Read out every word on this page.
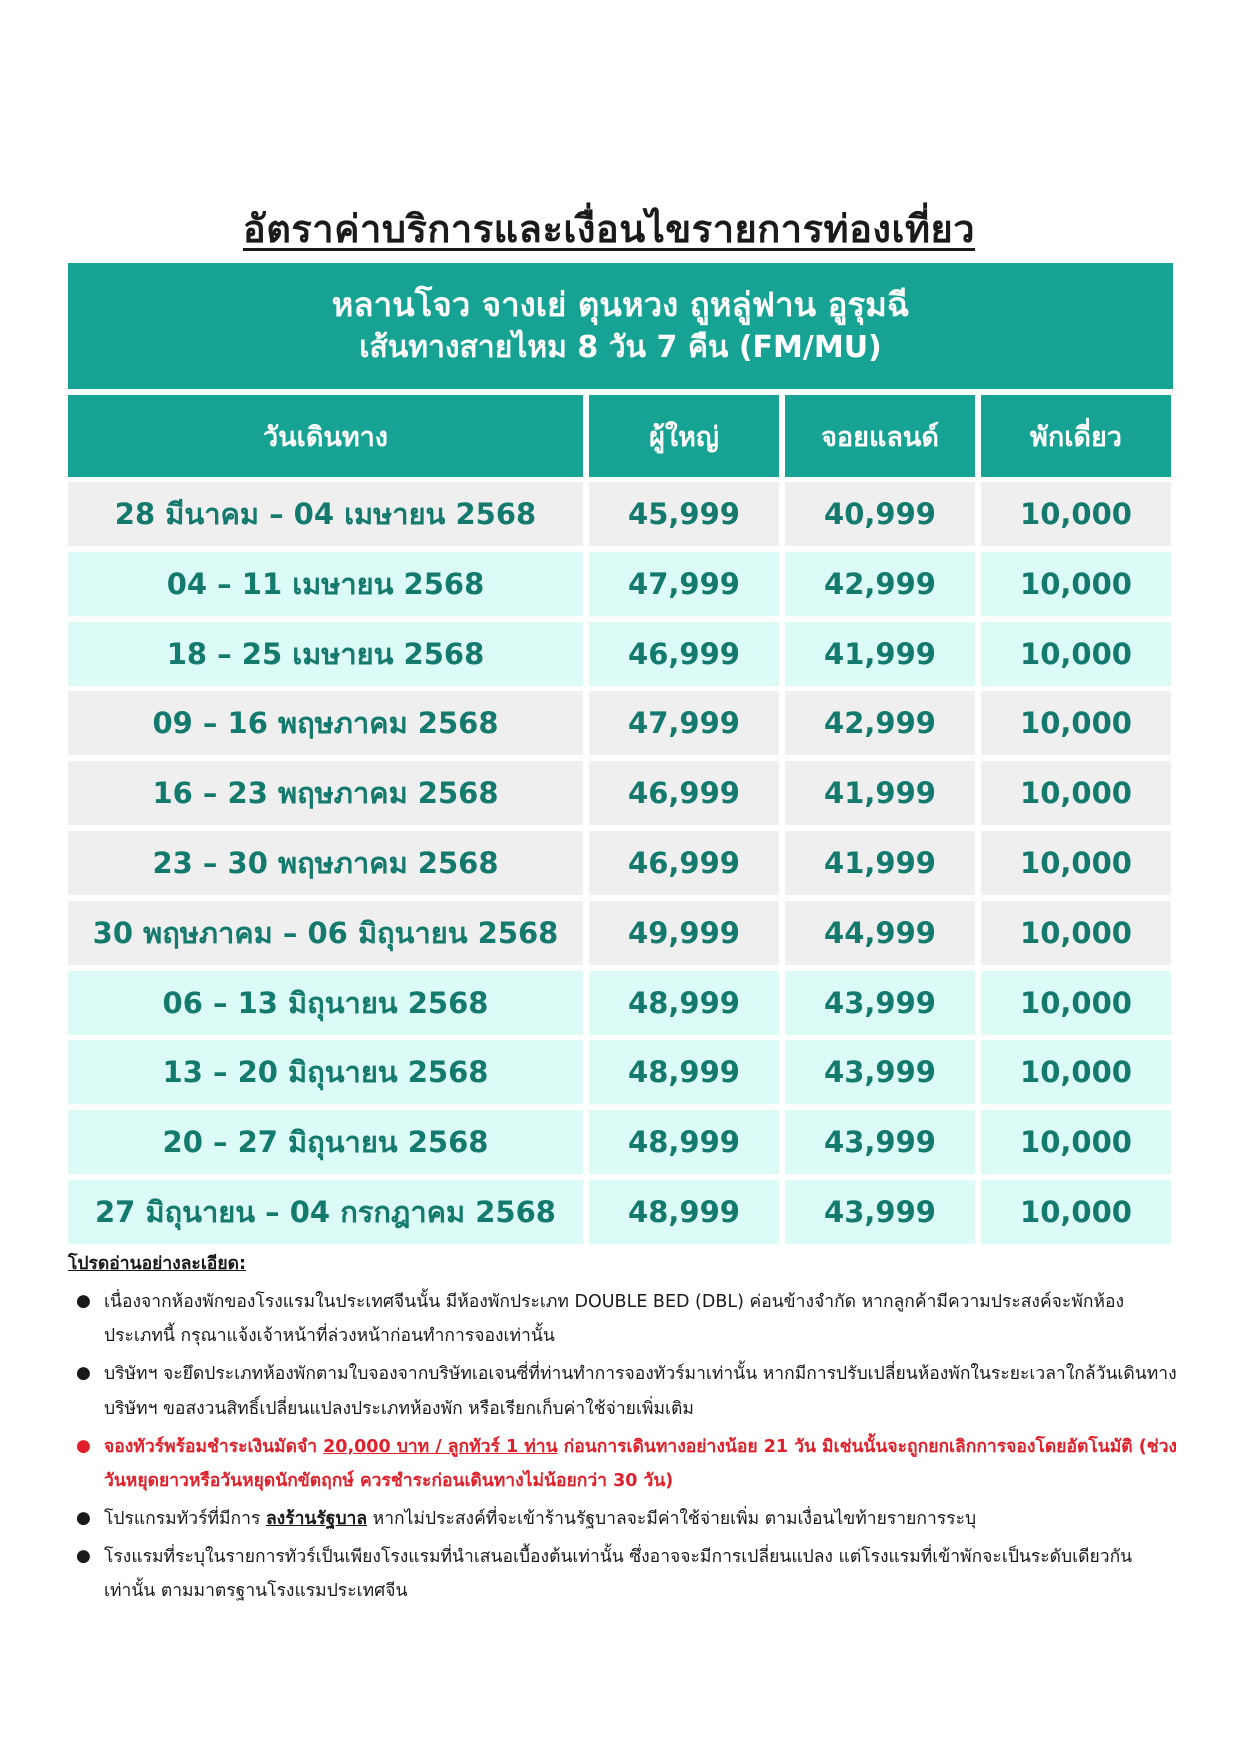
อัตราค่าบริการและเงื่อนไขรายการท่องเที่ยว
หลานโจว จางเย่ ตุนหวง ถูหลู่ฟาน อูรุมฉี
เส้นทางสายไหม 8 วัน 7 คืน (FM/MU)
วันเดินทาง	ผู้ใหญ่	จอยแลนด์	พักเดี่ยว
28 มีนาคม – 04 เมษายน 2568	45,999	40,999	10,000
04 – 11 เมษายน 2568	47,999	42,999	10,000
18 – 25 เมษายน 2568	46,999	41,999	10,000
09 – 16 พฤษภาคม 2568	47,999	42,999	10,000
16 – 23 พฤษภาคม 2568	46,999	41,999	10,000
23 – 30 พฤษภาคม 2568	46,999	41,999	10,000
30 พฤษภาคม – 06 มิถุนายน 2568	49,999	44,999	10,000
06 – 13 มิถุนายน 2568	48,999	43,999	10,000
13 – 20 มิถุนายน 2568	48,999	43,999	10,000
20 – 27 มิถุนายน 2568	48,999	43,999	10,000
27 มิถุนายน – 04 กรกฎาคม 2568	48,999	43,999	10,000
โปรดอ่านอย่างละเอียด:
● เนื่องจากห้องพักของโรงแรมในประเทศจีนนั้น มีห้องพักประเภท DOUBLE BED (DBL) ค่อนข้างจำกัด หากลูกค้ามีความประสงค์จะพักห้องประเภทนี้ กรุณาแจ้งเจ้าหน้าที่ล่วงหน้าก่อนทำการจองเท่านั้น
● บริษัทฯ จะยึดประเภทห้องพักตามใบจองจากบริษัทเอเจนซี่ที่ท่านทำการจองทัวร์มาเท่านั้น หากมีการปรับเปลี่ยนห้องพักในระยะเวลาใกล้วันเดินทาง บริษัทฯ ขอสงวนสิทธิ์เปลี่ยนแปลงประเภทห้องพัก หรือเรียกเก็บค่าใช้จ่ายเพิ่มเติม
● จองทัวร์พร้อมชำระเงินมัดจำ 20,000 บาท / ลูกทัวร์ 1 ท่าน ก่อนการเดินทางอย่างน้อย 21 วัน มิเช่นนั้นจะถูกยกเลิกการจองโดยอัตโนมัติ (ช่วงวันหยุดยาวหรือวันหยุดนักขัตฤกษ์ ควรชำระก่อนเดินทางไม่น้อยกว่า 30 วัน)
● โปรแกรมทัวร์ที่มีการ ลงร้านรัฐบาล หากไม่ประสงค์ที่จะเข้าร้านรัฐบาลจะมีค่าใช้จ่ายเพิ่ม ตามเงื่อนไขท้ายรายการระบุ
● โรงแรมที่ระบุในรายการทัวร์เป็นเพียงโรงแรมที่นำเสนอเบื้องต้นเท่านั้น ซึ่งอาจจะมีการเปลี่ยนแปลง แต่โรงแรมที่เข้าพักจะเป็นระดับเดียวกันเท่านั้น ตามมาตรฐานโรงแรมประเทศจีน
